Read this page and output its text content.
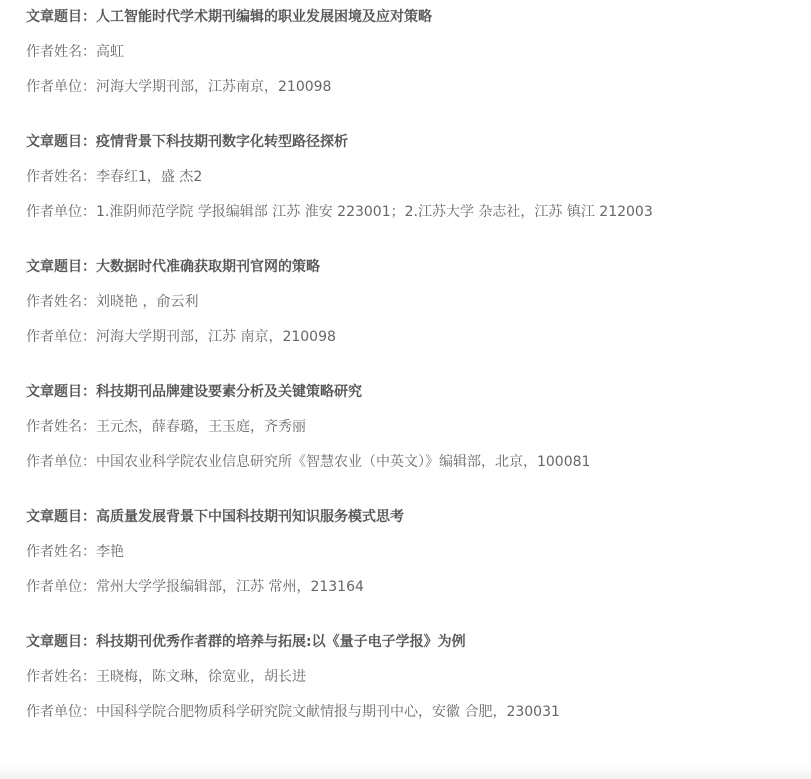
文章题目：人工智能时代学术期刊编辑的职业发展困境及应对策略
作者姓名：高虹
作者单位：河海大学期刊部，江苏南京，210098
文章题目：疫情背景下科技期刊数字化转型路径探析
作者姓名：李春红1，盛 杰2
作者单位：1.淮阴师范学院 学报编辑部 江苏 淮安 223001；2.江苏大学 杂志社，江苏 镇江 212003
文章题目：大数据时代准确获取期刊官网的策略
作者姓名：刘晓艳 ，俞云利
作者单位：河海大学期刊部，江苏 南京，210098
文章题目：科技期刊品牌建设要素分析及关键策略研究
作者姓名：王元杰，薛春璐，王玉庭，齐秀丽
作者单位：中国农业科学院农业信息研究所《智慧农业（中英文）》编辑部，北京，100081
文章题目：高质量发展背景下中国科技期刊知识服务模式思考
作者姓名：李艳
作者单位：常州大学学报编辑部，江苏 常州，213164
文章题目：科技期刊优秀作者群的培养与拓展:以《量子电子学报》为例
作者姓名：王晓梅，陈文琳，徐宽业，胡长进
作者单位：中国科学院合肥物质科学研究院文献情报与期刊中心，安徽 合肥，230031
